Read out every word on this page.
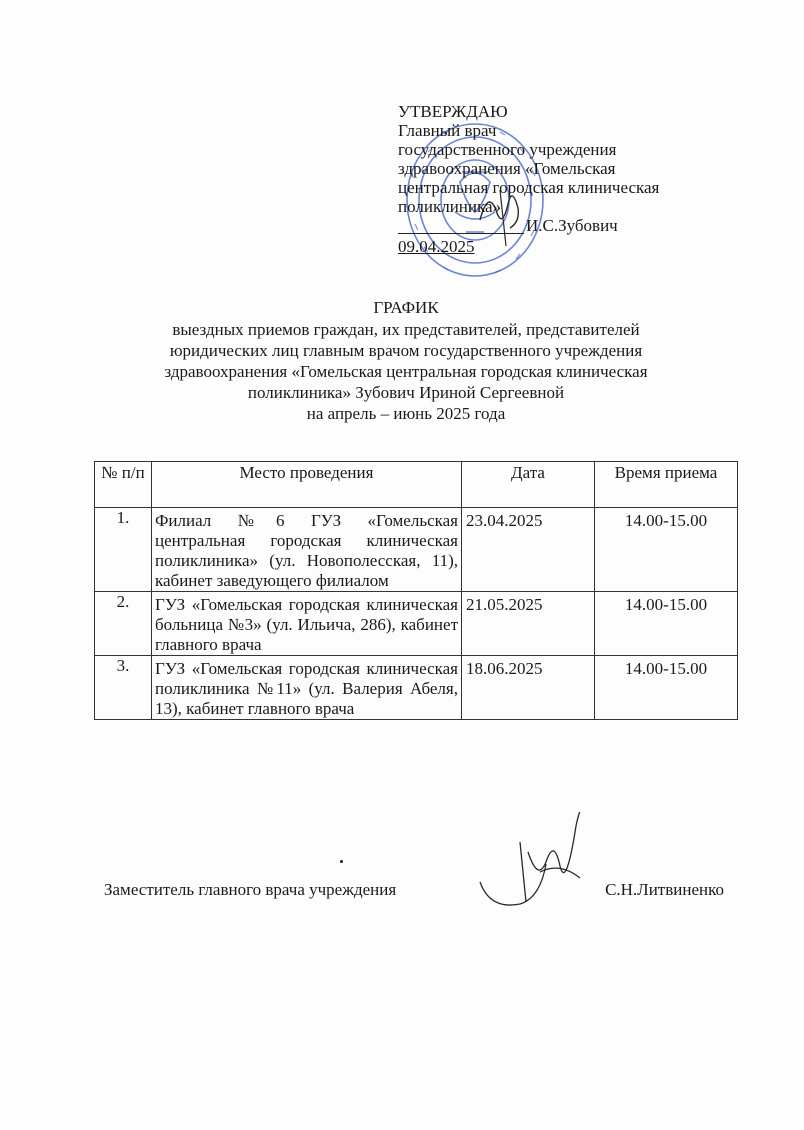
УТВЕРЖДАЮ
Главный врач
государственного учреждения
здравоохранения «Гомельская
центральная городская клиническая
поликлиника»
И.С.Зубович
09.04.2025
ГРАФИК
выездных приемов граждан, их представителей, представителей
юридических лиц главным врачом государственного учреждения
здравоохранения «Гомельская центральная городская клиническая
поликлиника» Зубович Ириной Сергеевной
на апрель – июнь 2025 года
№ п/п	Место проведения	Дата	Время приема
1.	Филиал №6 ГУЗ «Гомельская центральная городская клиническая поликлиника» (ул. Новополесская, 11), кабинет заведующего филиалом	23.04.2025	14.00-15.00
2.	ГУЗ «Гомельская городская клиническая больница №3» (ул. Ильича, 286), кабинет главного врача	21.05.2025	14.00-15.00
3.	ГУЗ «Гомельская городская клиническая поликлиника №11» (ул. Валерия Абеля, 13), кабинет главного врача	18.06.2025	14.00-15.00
Заместитель главного врача учреждения	С.Н.Литвиненко
